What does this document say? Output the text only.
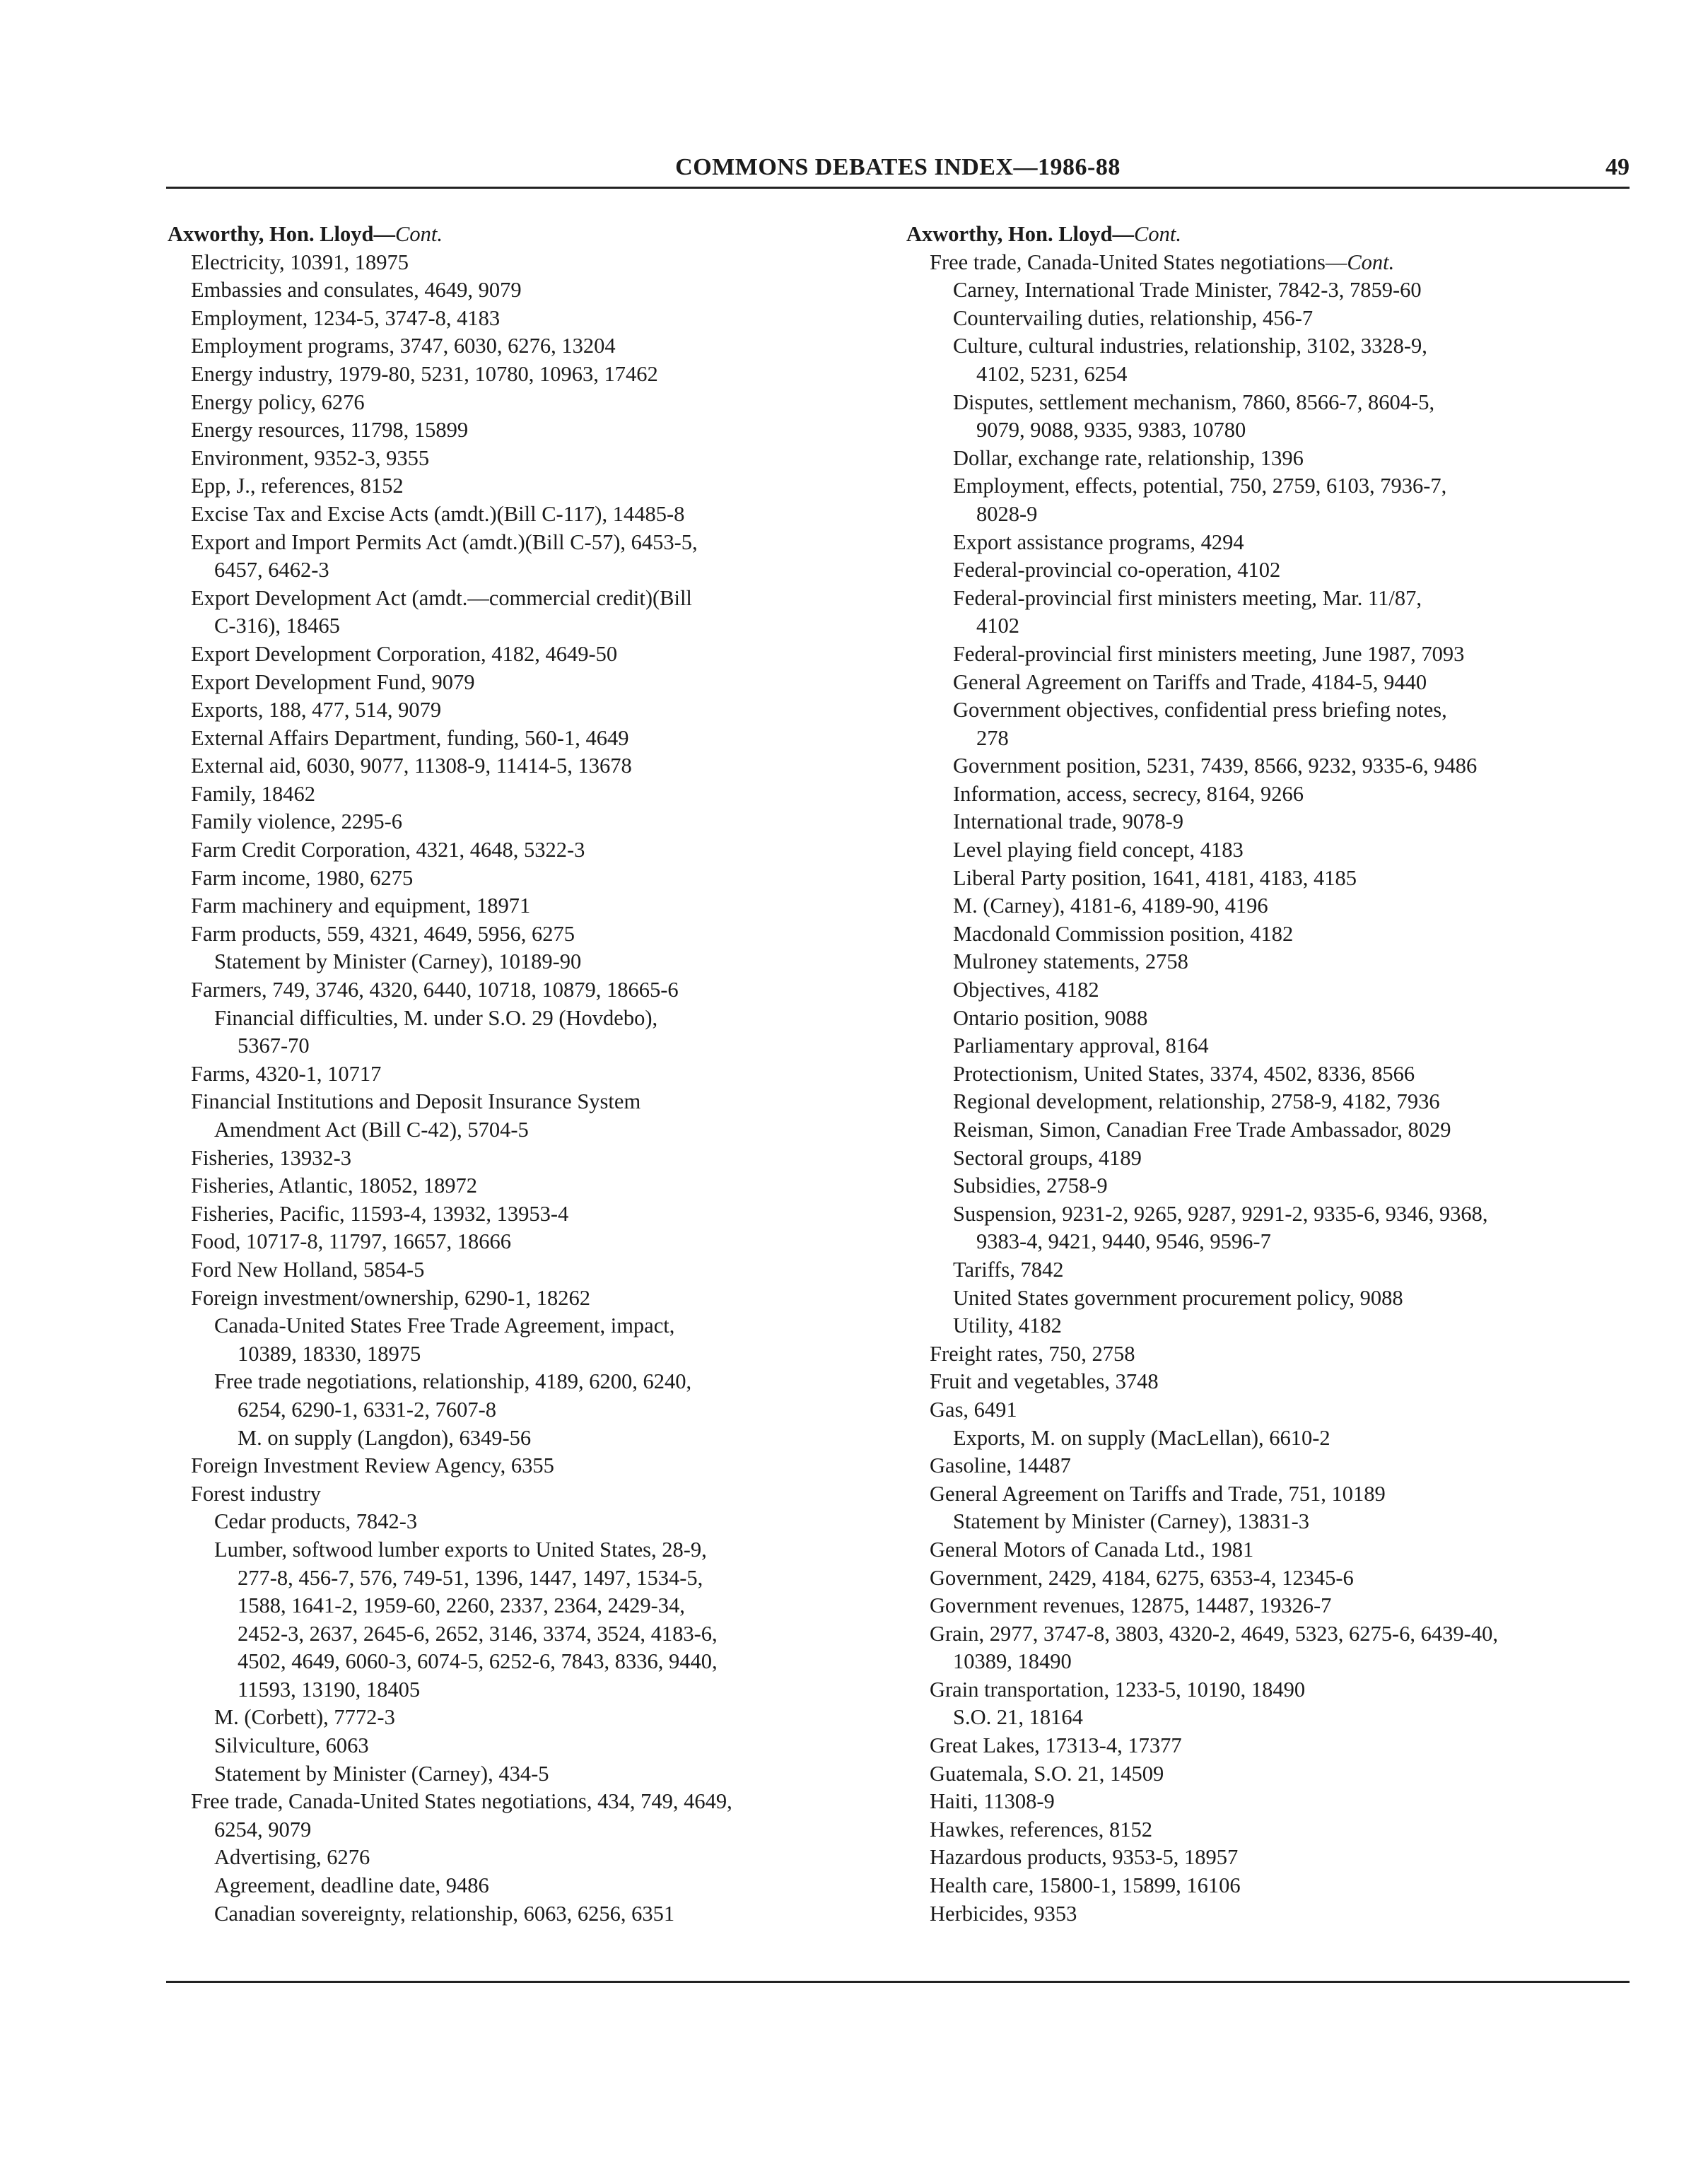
COMMONS DEBATES INDEX—1986-88	49
Axworthy, Hon. Lloyd—Cont.
Electricity, 10391, 18975
Embassies and consulates, 4649, 9079
Employment, 1234-5, 3747-8, 4183
Employment programs, 3747, 6030, 6276, 13204
Energy industry, 1979-80, 5231, 10780, 10963, 17462
Energy policy, 6276
Energy resources, 11798, 15899
Environment, 9352-3, 9355
Epp, J., references, 8152
Excise Tax and Excise Acts (amdt.)(Bill C-117), 14485-8
Export and Import Permits Act (amdt.)(Bill C-57), 6453-5,
6457, 6462-3
Export Development Act (amdt.—commercial credit)(Bill
C-316), 18465
Export Development Corporation, 4182, 4649-50
Export Development Fund, 9079
Exports, 188, 477, 514, 9079
External Affairs Department, funding, 560-1, 4649
External aid, 6030, 9077, 11308-9, 11414-5, 13678
Family, 18462
Family violence, 2295-6
Farm Credit Corporation, 4321, 4648, 5322-3
Farm income, 1980, 6275
Farm machinery and equipment, 18971
Farm products, 559, 4321, 4649, 5956, 6275
Statement by Minister (Carney), 10189-90
Farmers, 749, 3746, 4320, 6440, 10718, 10879, 18665-6
Financial difficulties, M. under S.O. 29 (Hovdebo),
5367-70
Farms, 4320-1, 10717
Financial Institutions and Deposit Insurance System
Amendment Act (Bill C-42), 5704-5
Fisheries, 13932-3
Fisheries, Atlantic, 18052, 18972
Fisheries, Pacific, 11593-4, 13932, 13953-4
Food, 10717-8, 11797, 16657, 18666
Ford New Holland, 5854-5
Foreign investment/ownership, 6290-1, 18262
Canada-United States Free Trade Agreement, impact,
10389, 18330, 18975
Free trade negotiations, relationship, 4189, 6200, 6240,
6254, 6290-1, 6331-2, 7607-8
M. on supply (Langdon), 6349-56
Foreign Investment Review Agency, 6355
Forest industry
Cedar products, 7842-3
Lumber, softwood lumber exports to United States, 28-9,
277-8, 456-7, 576, 749-51, 1396, 1447, 1497, 1534-5,
1588, 1641-2, 1959-60, 2260, 2337, 2364, 2429-34,
2452-3, 2637, 2645-6, 2652, 3146, 3374, 3524, 4183-6,
4502, 4649, 6060-3, 6074-5, 6252-6, 7843, 8336, 9440,
11593, 13190, 18405
M. (Corbett), 7772-3
Silviculture, 6063
Statement by Minister (Carney), 434-5
Free trade, Canada-United States negotiations, 434, 749, 4649,
6254, 9079
Advertising, 6276
Agreement, deadline date, 9486
Canadian sovereignty, relationship, 6063, 6256, 6351
Axworthy, Hon. Lloyd—Cont.
Free trade, Canada-United States negotiations—Cont.
Carney, International Trade Minister, 7842-3, 7859-60
Countervailing duties, relationship, 456-7
Culture, cultural industries, relationship, 3102, 3328-9,
4102, 5231, 6254
Disputes, settlement mechanism, 7860, 8566-7, 8604-5,
9079, 9088, 9335, 9383, 10780
Dollar, exchange rate, relationship, 1396
Employment, effects, potential, 750, 2759, 6103, 7936-7,
8028-9
Export assistance programs, 4294
Federal-provincial co-operation, 4102
Federal-provincial first ministers meeting, Mar. 11/87,
4102
Federal-provincial first ministers meeting, June 1987, 7093
General Agreement on Tariffs and Trade, 4184-5, 9440
Government objectives, confidential press briefing notes,
278
Government position, 5231, 7439, 8566, 9232, 9335-6, 9486
Information, access, secrecy, 8164, 9266
International trade, 9078-9
Level playing field concept, 4183
Liberal Party position, 1641, 4181, 4183, 4185
M. (Carney), 4181-6, 4189-90, 4196
Macdonald Commission position, 4182
Mulroney statements, 2758
Objectives, 4182
Ontario position, 9088
Parliamentary approval, 8164
Protectionism, United States, 3374, 4502, 8336, 8566
Regional development, relationship, 2758-9, 4182, 7936
Reisman, Simon, Canadian Free Trade Ambassador, 8029
Sectoral groups, 4189
Subsidies, 2758-9
Suspension, 9231-2, 9265, 9287, 9291-2, 9335-6, 9346, 9368,
9383-4, 9421, 9440, 9546, 9596-7
Tariffs, 7842
United States government procurement policy, 9088
Utility, 4182
Freight rates, 750, 2758
Fruit and vegetables, 3748
Gas, 6491
Exports, M. on supply (MacLellan), 6610-2
Gasoline, 14487
General Agreement on Tariffs and Trade, 751, 10189
Statement by Minister (Carney), 13831-3
General Motors of Canada Ltd., 1981
Government, 2429, 4184, 6275, 6353-4, 12345-6
Government revenues, 12875, 14487, 19326-7
Grain, 2977, 3747-8, 3803, 4320-2, 4649, 5323, 6275-6, 6439-40,
10389, 18490
Grain transportation, 1233-5, 10190, 18490
S.O. 21, 18164
Great Lakes, 17313-4, 17377
Guatemala, S.O. 21, 14509
Haiti, 11308-9
Hawkes, references, 8152
Hazardous products, 9353-5, 18957
Health care, 15800-1, 15899, 16106
Herbicides, 9353
